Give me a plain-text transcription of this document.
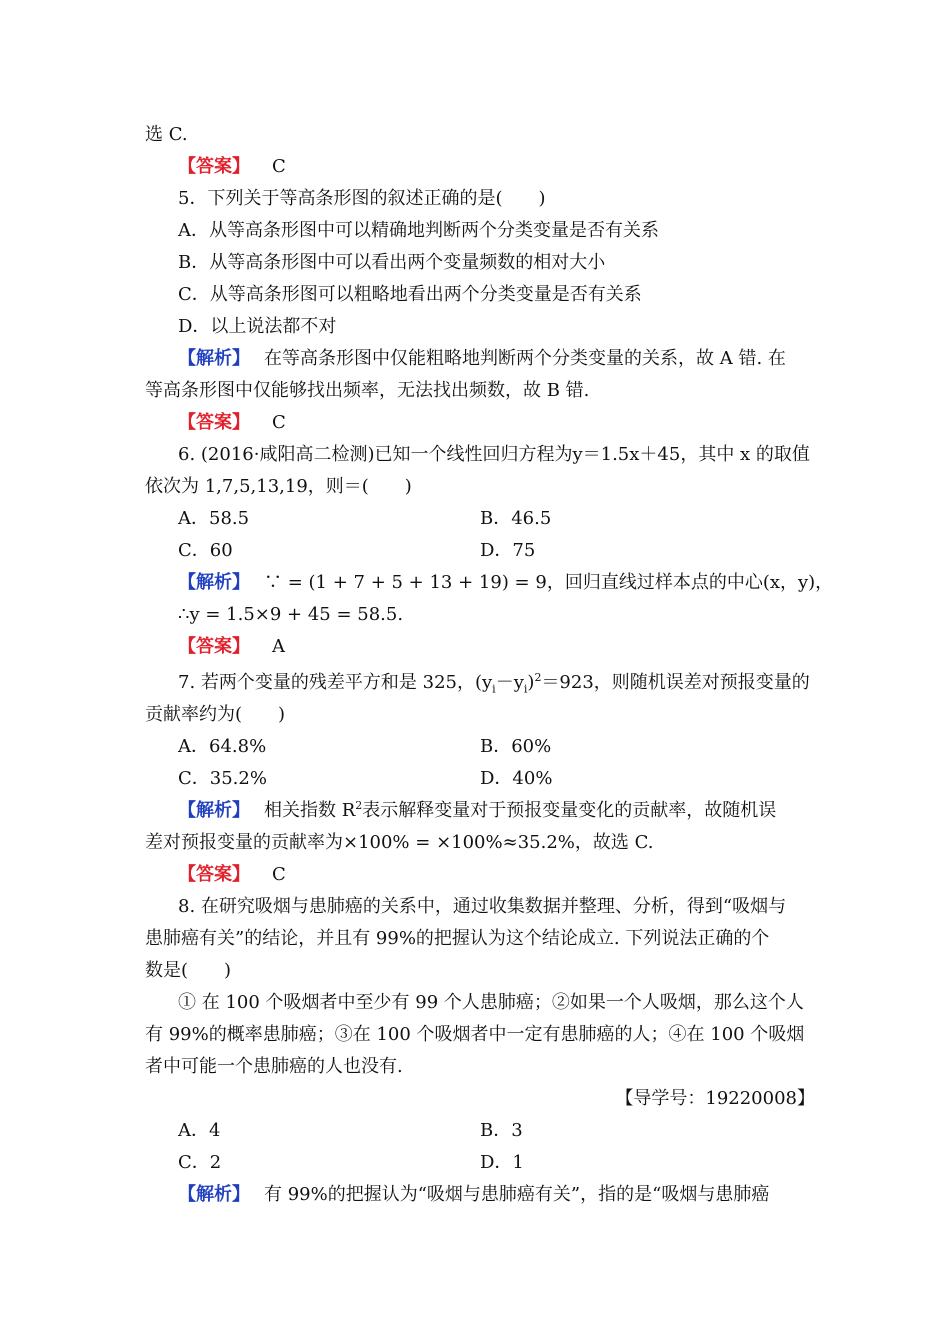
选 C.
【答案】 C
5．下列关于等高条形图的叙述正确的是(　　)
A．从等高条形图中可以精确地判断两个分类变量是否有关系
B．从等高条形图中可以看出两个变量频数的相对大小
C．从等高条形图可以粗略地看出两个分类变量是否有关系
D．以上说法都不对
【解析】 在等高条形图中仅能粗略地判断两个分类变量的关系，故 A 错. 在
等高条形图中仅能够找出频率，无法找出频数，故 B 错.
【答案】 C
6. (2016·咸阳高二检测)已知一个线性回归方程为y＝1.5x＋45，其中 x 的取值
依次为 1,7,5,13,19，则＝(　　)
A．58.5	B．46.5
C．60	D．75
【解析】 ∵ = (1 + 7 + 5 + 13 + 19) = 9，回归直线过样本点的中心(x，y)，
∴y = 1.5×9 + 45 = 58.5.
【答案】 A
7. 若两个变量的残差平方和是 325，$(y_i-y_i)^2=923$，则随机误差对预报变量的
贡献率约为(　　)
A．64.8%	B．60%
C．35.2%	D．40%
【解析】 相关指数 $R^2$表示解释变量对于预报变量变化的贡献率，故随机误
差对预报变量的贡献率为×100% = ×100%≈35.2%，故选 C.
【答案】 C
8. 在研究吸烟与患肺癌的关系中，通过收集数据并整理、分析，得到“吸烟与
患肺癌有关”的结论，并且有 99%的把握认为这个结论成立. 下列说法正确的个
数是(　　)
① 在 100 个吸烟者中至少有 99 个人患肺癌；②如果一个人吸烟，那么这个人
有 99%的概率患肺癌；③在 100 个吸烟者中一定有患肺癌的人；④在 100 个吸烟
者中可能一个患肺癌的人也没有.
【导学号：19220008】
A．4	B．3
C．2	D．1
【解析】 有 99%的把握认为“吸烟与患肺癌有关”，指的是“吸烟与患肺癌
